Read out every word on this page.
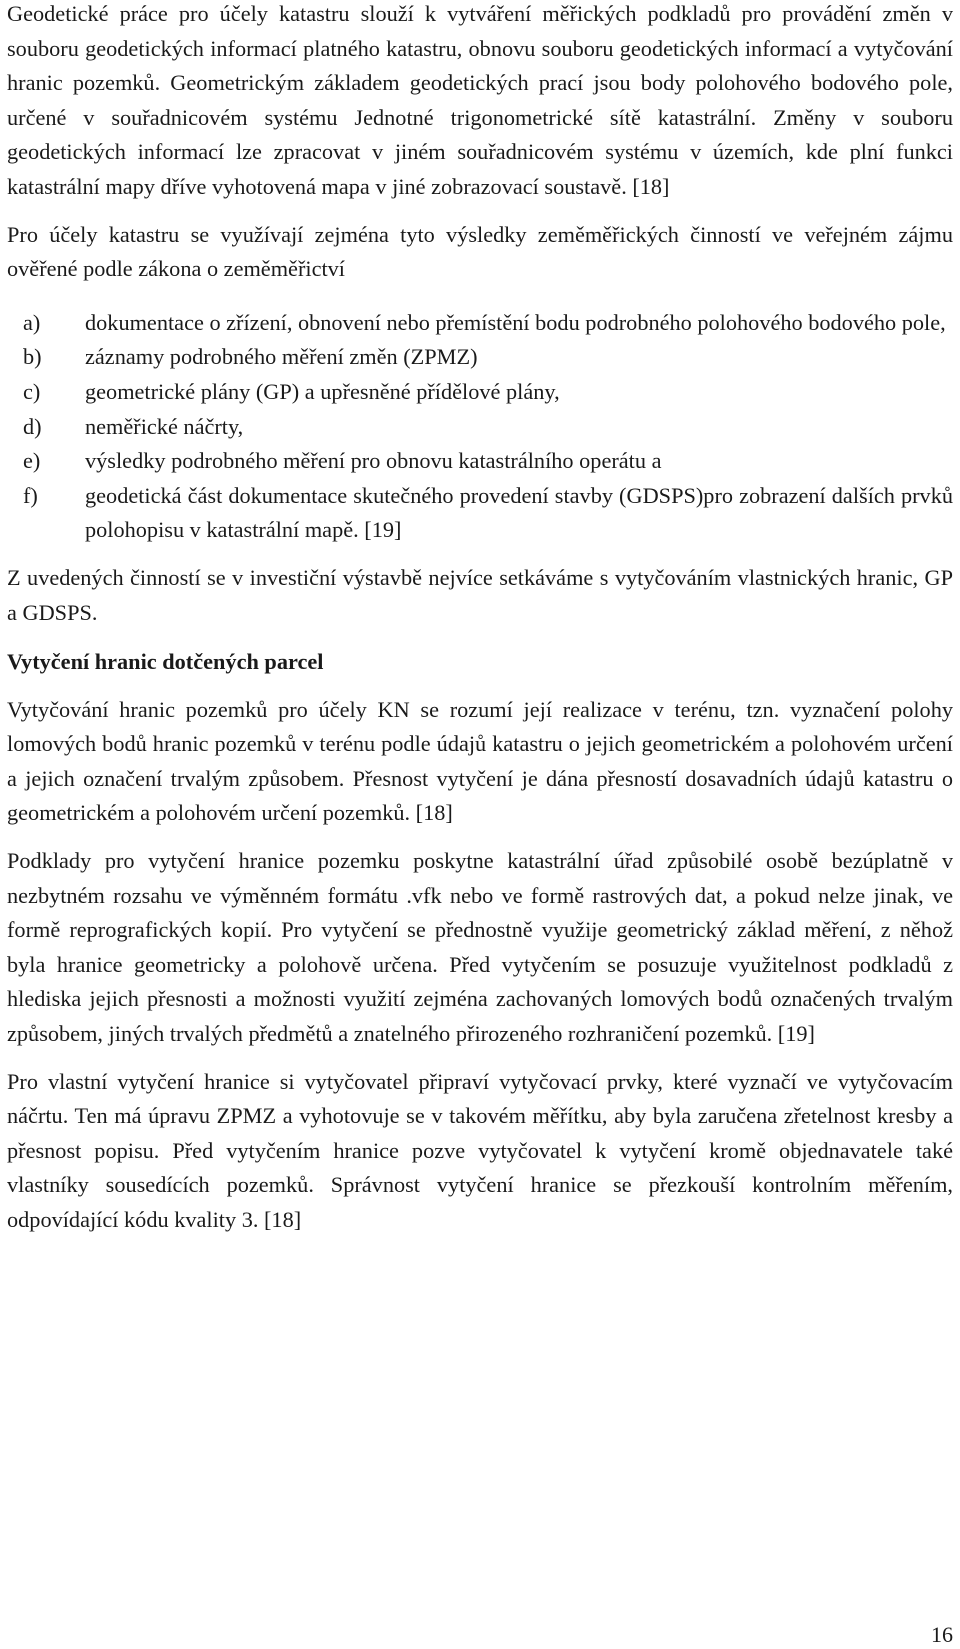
Geodetické práce pro účely katastru slouží k vytváření měřických podkladů pro provádění změn v souboru geodetických informací platného katastru, obnovu souboru geodetických informací a vytyčování hranic pozemků. Geometrickým základem geodetických prací jsou body polohového bodového pole, určené v souřadnicovém systému Jednotné trigonometrické sítě katastrální. Změny v souboru geodetických informací lze zpracovat v jiném souřadnicovém systému v územích, kde plní funkci katastrální mapy dříve vyhotovená mapa v jiné zobrazovací soustavě. [18]

Pro účely katastru se využívají zejména tyto výsledky zeměměřických činností ve veřejném zájmu ověřené podle zákona o zeměměřictví

a) dokumentace o zřízení, obnovení nebo přemístění bodu podrobného polohového bodového pole,
b) záznamy podrobného měření změn (ZPMZ)
c) geometrické plány (GP) a upřesněné přídělové plány,
d) neměřické náčrty,
e) výsledky podrobného měření pro obnovu katastrálního operátu a
f) geodetická část dokumentace skutečného provedení stavby (GDSPS)pro zobrazení dalších prvků polohopisu v katastrální mapě. [19]

Z uvedených činností se v investiční výstavbě nejvíce setkáváme s vytyčováním vlastnických hranic, GP a GDSPS.

Vytyčení hranic dotčených parcel

Vytyčování hranic pozemků pro účely KN se rozumí její realizace v terénu, tzn. vyznačení polohy lomových bodů hranic pozemků v terénu podle údajů katastru o jejich geometrickém a polohovém určení a jejich označení trvalým způsobem. Přesnost vytyčení je dána přesností dosavadních údajů katastru o geometrickém a polohovém určení pozemků. [18]

Podklady pro vytyčení hranice pozemku poskytne katastrální úřad způsobilé osobě bezúplatně v nezbytném rozsahu ve výměnném formátu .vfk nebo ve formě rastrových dat, a pokud nelze jinak, ve formě reprografických kopií. Pro vytyčení se přednostně využije geometrický základ měření, z něhož byla hranice geometricky a polohově určena. Před vytyčením se posuzuje využitelnost podkladů z hlediska jejich přesnosti a možnosti využití zejména zachovaných lomových bodů označených trvalým způsobem, jiných trvalých předmětů a znatelného přirozeného rozhraničení pozemků. [19]

Pro vlastní vytyčení hranice si vytyčovatel připraví vytyčovací prvky, které vyznačí ve vytyčovacím náčrtu. Ten má úpravu ZPMZ a vyhotovuje se v takovém měřítku, aby byla zaručena zřetelnost kresby a přesnost popisu. Před vytyčením hranice pozve vytyčovatel k vytyčení kromě objednavatele také vlastníky sousedících pozemků. Správnost vytyčení hranice se přezkouší kontrolním měřením, odpovídající kódu kvality 3. [18]

16
